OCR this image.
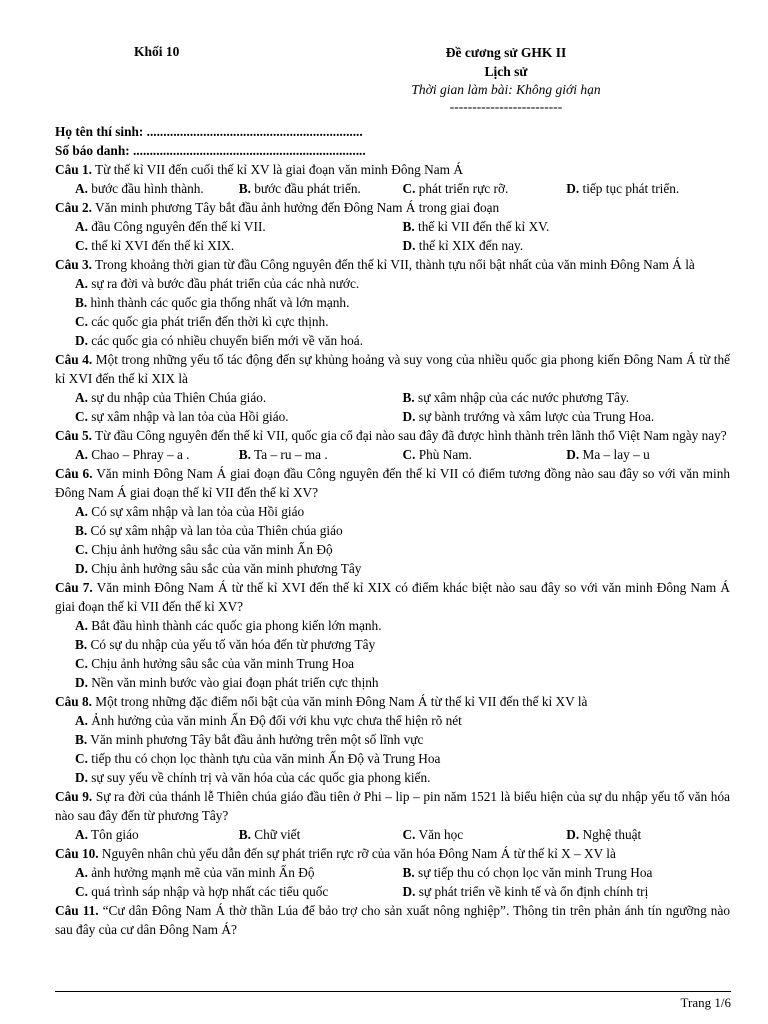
Khối 10	Đề cương sử GHK II
Lịch sử
Thời gian làm bài: Không giới hạn
-------------------------
Họ tên thí sinh: .................................................................
Số báo danh: ......................................................................

Câu 1. Từ thế kỉ VII đến cuối thế kỉ XV là giai đoạn văn minh Đông Nam Á

A. bước đầu hình thành.	B. bước đầu phát triển.	C. phát triển rực rỡ.	D. tiếp tục phát triển.

Câu 2. Văn minh phương Tây bắt đầu ảnh hưởng đến Đông Nam Á trong giai đoạn

A. đầu Công nguyên đến thế kỉ VII.	B. thế kỉ VII đến thế kỉ XV.
C. thế kỉ XVI đến thế kỉ XIX.	D. thế kỉ XIX đến nay.

Câu 3. Trong khoảng thời gian từ đầu Công nguyên đến thế kỉ VII, thành tựu nổi bật nhất của văn minh Đông Nam Á là

A. sự ra đời và bước đầu phát triển của các nhà nước.
B. hình thành các quốc gia thống nhất và lớn mạnh.
C. các quốc gia phát triển đến thời kì cực thịnh.
D. các quốc gia có nhiều chuyển biến mới về văn hoá.

Câu 4. Một trong những yếu tố tác động đến sự khủng hoảng và suy vong của nhiều quốc gia phong kiến Đông Nam Á từ thế kỉ XVI đến thế kỉ XIX là

A. sự du nhập của Thiên Chúa giáo.	B. sự xâm nhập của các nước phương Tây.
C. sự xâm nhập và lan tỏa của Hồi giáo.	D. sự bành trướng và xâm lược của Trung Hoa.

Câu 5. Từ đầu Công nguyên đến thế kỉ VII, quốc gia cổ đại nào sau đây đã được hình thành trên lãnh thổ Việt Nam ngày nay?

A. Chao – Phray – a .	B. Ta – ru – ma .	C. Phù Nam.	D. Ma – lay – u

Câu 6. Văn minh Đông Nam Á giai đoạn đầu Công nguyên đến thế kỉ VII có điểm tương đồng nào sau đây so với văn minh Đông Nam Á giai đoạn thế kỉ VII đến thế kỉ XV?

A. Có sự xâm nhập và lan tỏa của Hồi giáo
B. Có sự xâm nhập và lan tỏa của Thiên chúa giáo
C. Chịu ảnh hưởng sâu sắc của văn minh Ấn Độ
D. Chịu ảnh hưởng sâu sắc của văn minh phương Tây

Câu 7. Văn minh Đông Nam Á từ thế kỉ XVI đến thế kỉ XIX có điểm khác biệt nào sau đây so với văn minh Đông Nam Á giai đoạn thế kỉ VII đến thế kỉ XV?

A. Bắt đầu hình thành các quốc gia phong kiến lớn mạnh.
B. Có sự du nhập của yếu tố văn hóa đến từ phương Tây
C. Chịu ảnh hưởng sâu sắc của văn minh Trung Hoa
D. Nền văn minh bước vào giai đoạn phát triển cực thịnh

Câu 8. Một trong những đặc điểm nổi bật của văn minh Đông Nam Á từ thế kỉ VII đến thế kỉ XV là

A. Ảnh hưởng của văn minh Ấn Độ đối với khu vực chưa thể hiện rõ nét
B. Văn minh phương Tây bắt đầu ảnh hưởng trên một số lĩnh vực
C. tiếp thu có chọn lọc thành tựu của văn minh Ấn Độ và Trung Hoa
D. sự suy yếu về chính trị và văn hóa của các quốc gia phong kiến.

Câu 9. Sự ra đời của thánh lễ Thiên chúa giáo đầu tiên ở Phi – lip – pin năm 1521 là biểu hiện của sự du nhập yếu tố văn hóa nào sau đây đến từ phương Tây?

A. Tôn giáo	B. Chữ viết	C. Văn học	D. Nghệ thuật

Câu 10. Nguyên nhân chủ yếu dẫn đến sự phát triển rực rỡ của văn hóa Đông Nam Á từ thế kỉ X – XV là

A. ảnh hưởng mạnh mẽ của văn minh Ấn Độ	B. sự tiếp thu có chọn lọc văn minh Trung Hoa
C. quá trình sáp nhập và hợp nhất các tiểu quốc	D. sự phát triển về kinh tế và ổn định chính trị

Câu 11. “Cư dân Đông Nam Á thờ thần Lúa để bảo trợ cho sản xuất nông nghiệp”. Thông tin trên phản ánh tín ngưỡng nào sau đây của cư dân Đông Nam Á?

Trang 1/6
